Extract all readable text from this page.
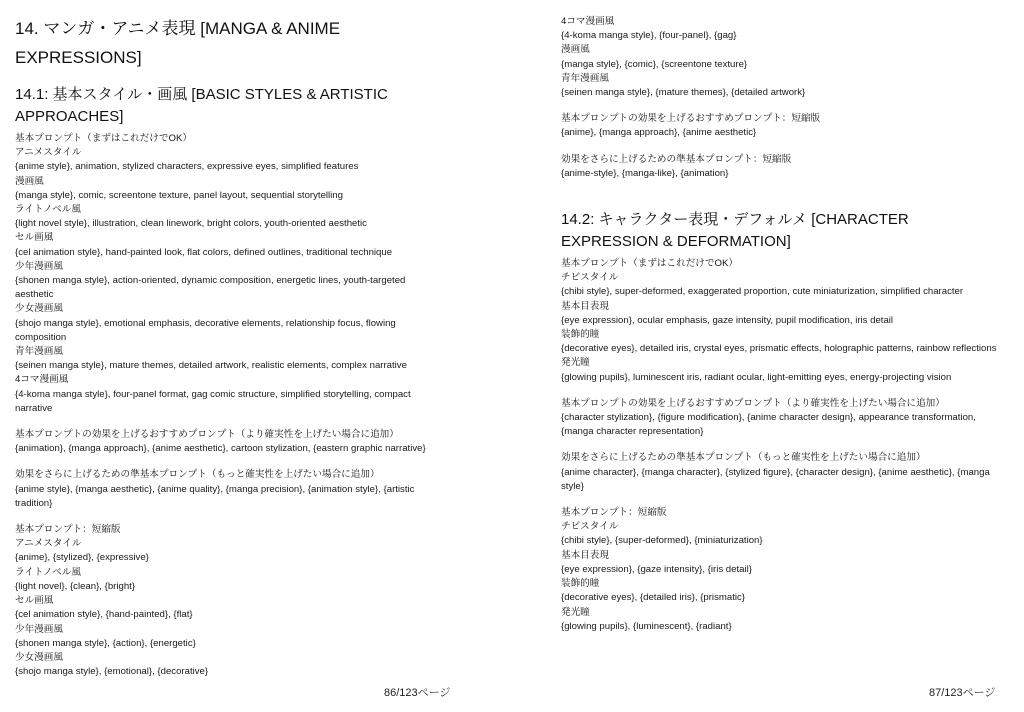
14. マンガ・アニメ表現 [MANGA & ANIME EXPRESSIONS]
14.1: 基本スタイル・画風 [BASIC STYLES & ARTISTIC APPROACHES]
基本プロンプト（まずはこれだけでOK）
アニメスタイル
{anime style}, animation, stylized characters, expressive eyes, simplified features
漫画風
{manga style}, comic, screentone texture, panel layout, sequential storytelling
ライトノベル風
{light novel style}, illustration, clean linework, bright colors, youth-oriented aesthetic
セル画風
{cel animation style}, hand-painted look, flat colors, defined outlines, traditional technique
少年漫画風
{shonen manga style}, action-oriented, dynamic composition, energetic lines, youth-targeted aesthetic
少女漫画風
{shojo manga style}, emotional emphasis, decorative elements, relationship focus, flowing composition
青年漫画風
{seinen manga style}, mature themes, detailed artwork, realistic elements, complex narrative
4コマ漫画風
{4-koma manga style}, four-panel format, gag comic structure, simplified storytelling, compact narrative
基本プロンプトの効果を上げるおすすめプロンプト（より確実性を上げたい場合に追加）
{animation}, {manga approach}, {anime aesthetic}, cartoon stylization, {eastern graphic narrative}
効果をさらに上げるための準基本プロンプト（もっと確実性を上げたい場合に追加）
{anime style}, {manga aesthetic}, {anime quality}, {manga precision}, {animation style}, {artistic tradition}
基本プロンプト：短縮版
アニメスタイル
{anime}, {stylized}, {expressive}
ライトノベル風
{light novel}, {clean}, {bright}
セル画風
{cel animation style}, {hand-painted}, {flat}
少年漫画風
{shonen manga style}, {action}, {energetic}
少女漫画風
{shojo manga style}, {emotional}, {decorative}
4コマ漫画風
{4-koma manga style}, {four-panel}, {gag}
漫画風
{manga style}, {comic}, {screentone texture}
青年漫画風
{seinen manga style}, {mature themes}, {detailed artwork}
基本プロンプトの効果を上げるおすすめプロンプト：短縮版
{anime}, {manga approach}, {anime aesthetic}
効果をさらに上げるための準基本プロンプト：短縮版
{anime-style}, {manga-like}, {animation}
14.2: キャラクター表現・デフォルメ [CHARACTER EXPRESSION & DEFORMATION]
基本プロンプト（まずはこれだけでOK）
チビスタイル
{chibi style}, super-deformed, exaggerated proportion, cute miniaturization, simplified character
基本目表現
{eye expression}, ocular emphasis, gaze intensity, pupil modification, iris detail
装飾的瞳
{decorative eyes}, detailed iris, crystal eyes, prismatic effects, holographic patterns, rainbow reflections
発光瞳
{glowing pupils}, luminescent iris, radiant ocular, light-emitting eyes, energy-projecting vision
基本プロンプトの効果を上げるおすすめプロンプト（より確実性を上げたい場合に追加）
{character stylization}, {figure modification}, {anime character design}, appearance transformation, {manga character representation}
効果をさらに上げるための準基本プロンプト（もっと確実性を上げたい場合に追加）
{anime character}, {manga character}, {stylized figure}, {character design}, {anime aesthetic}, {manga style}
基本プロンプト：短縮版
チビスタイル
{chibi style}, {super-deformed}, {miniaturization}
基本目表現
{eye expression}, {gaze intensity}, {iris detail}
装飾的瞳
{decorative eyes}, {detailed iris}, {prismatic}
発光瞳
{glowing pupils}, {luminescent}, {radiant}
86/123ページ	87/123ページ
